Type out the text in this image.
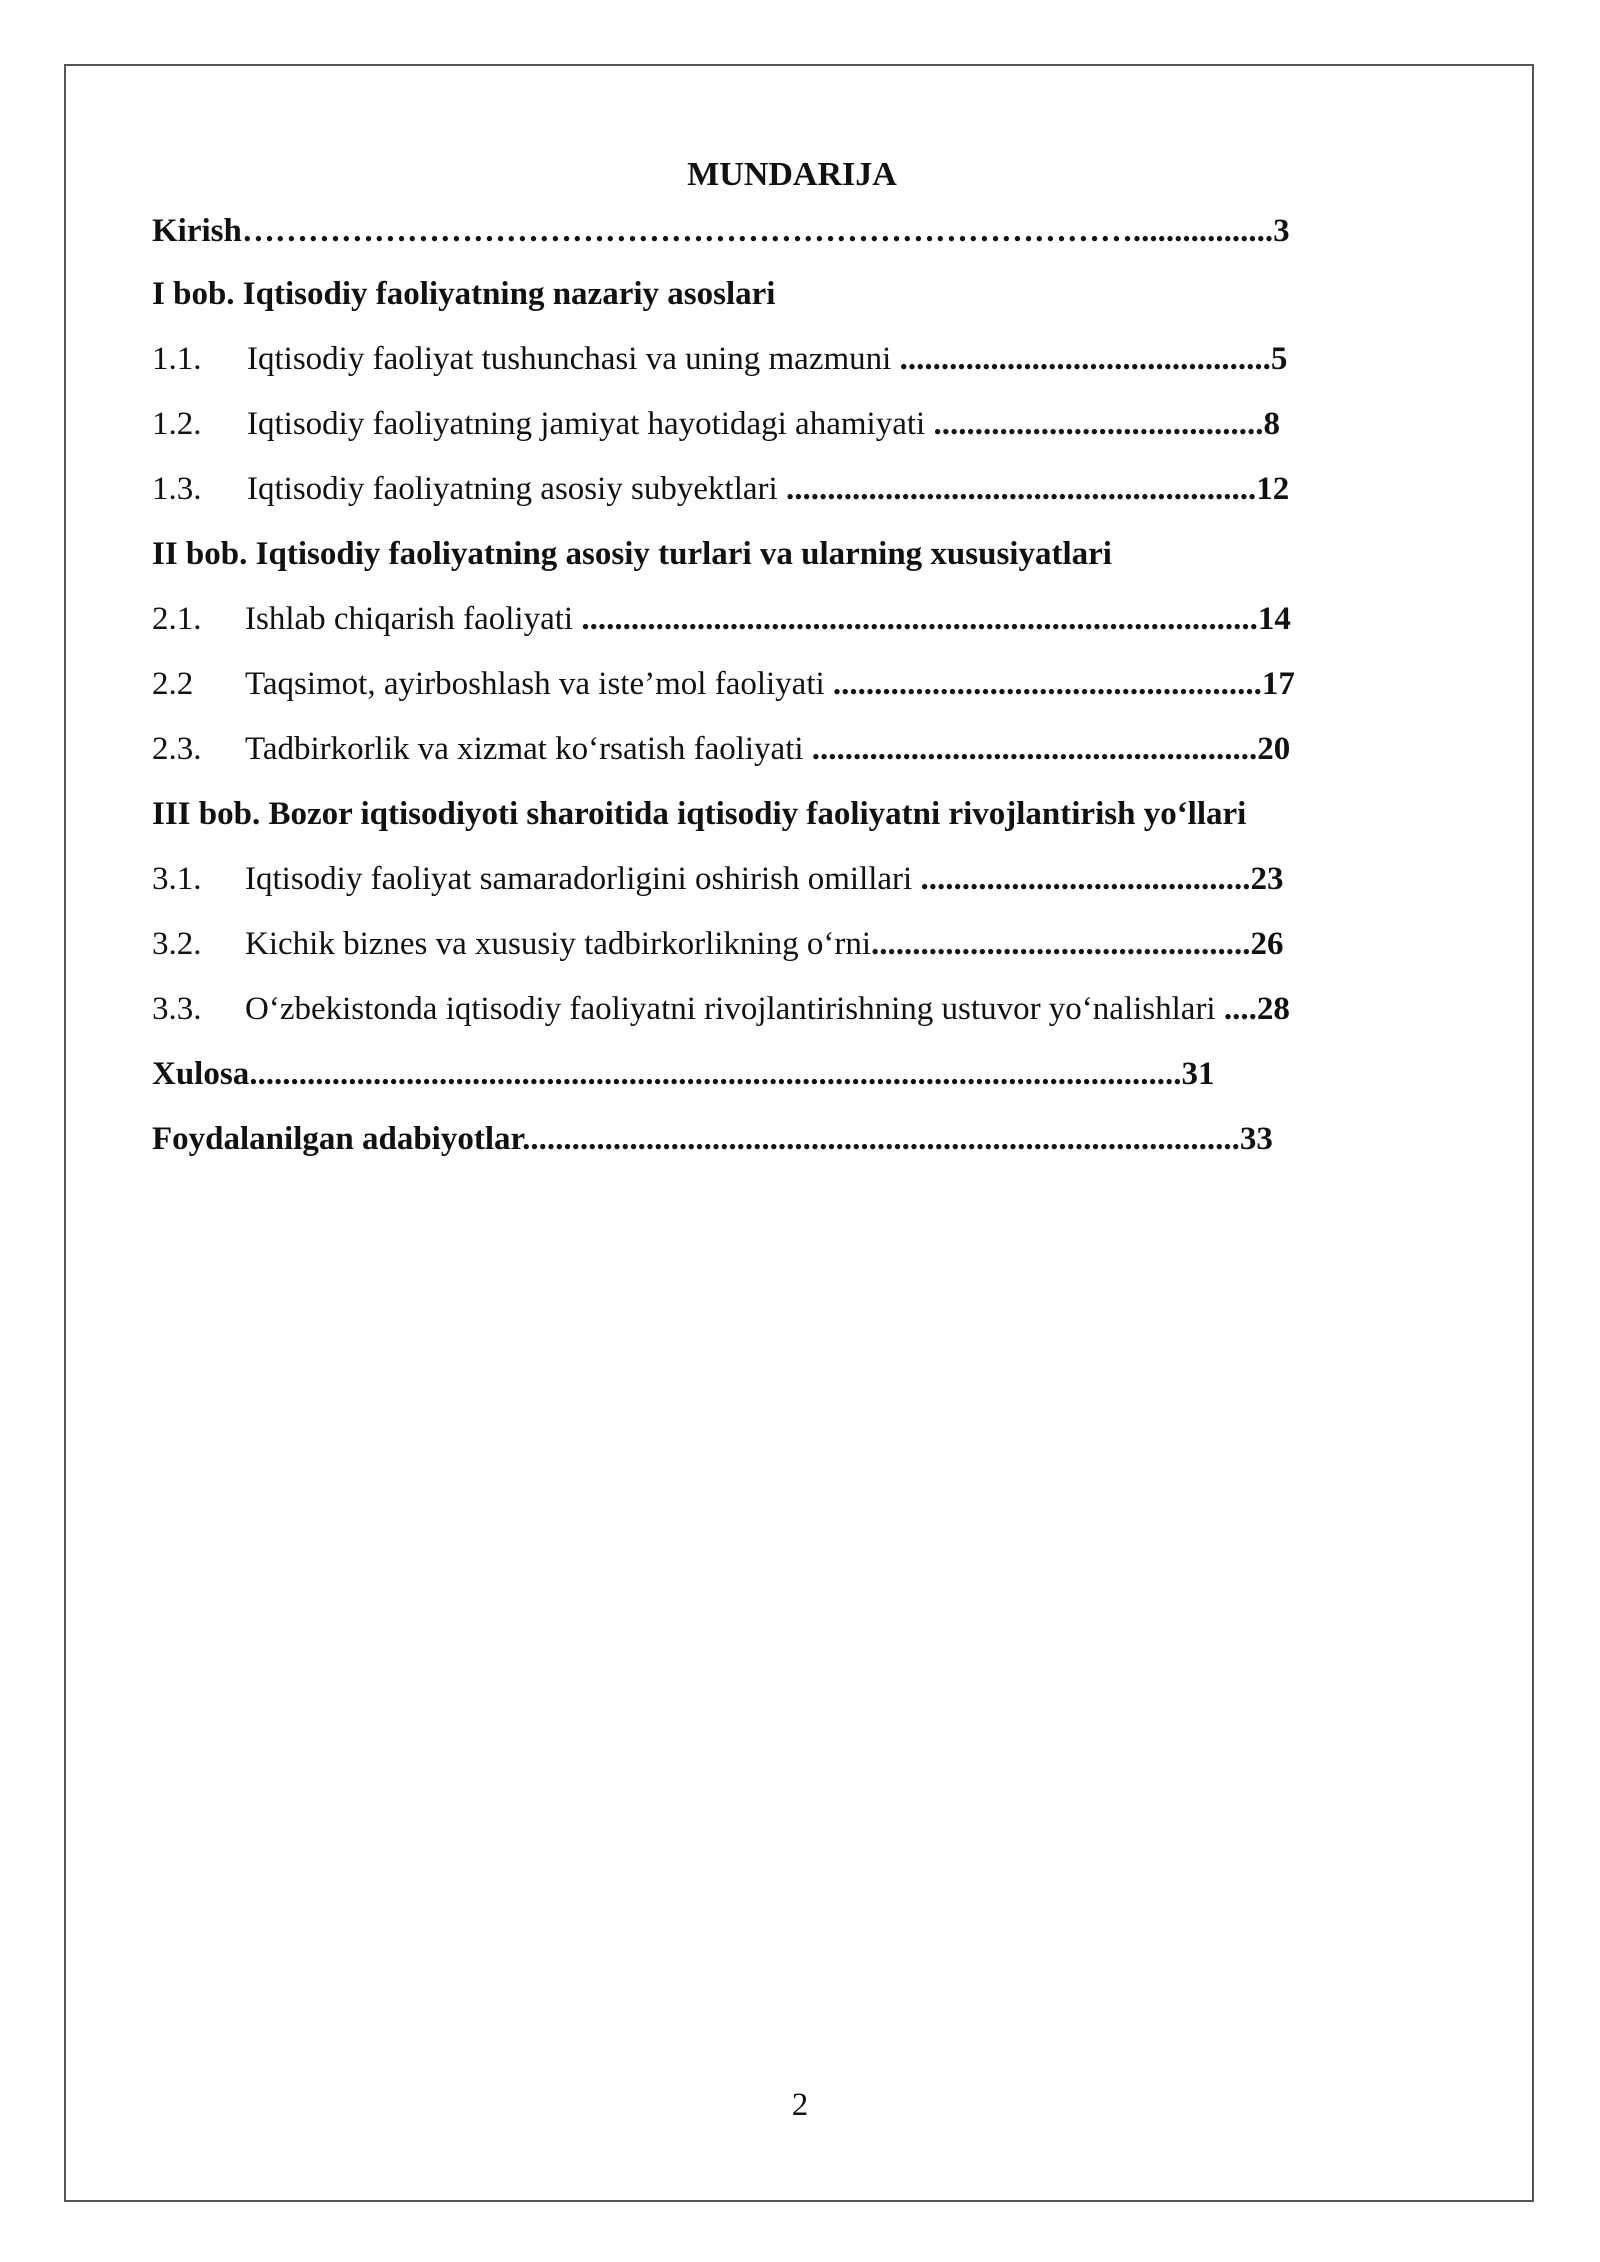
MUNDARIJA
Kirish……………………………………………………………………….................3
I bob. Iqtisodiy faoliyatning nazariy asoslari
1.1. Iqtisodiy faoliyat tushunchasi va uning mazmuni .............................................5
1.2. Iqtisodiy faoliyatning jamiyat hayotidagi ahamiyati ........................................8
1.3. Iqtisodiy faoliyatning asosiy subyektlari .........................................................12
II bob. Iqtisodiy faoliyatning asosiy turlari va ularning xususiyatlari
2.1. Ishlab chiqarish faoliyati ..................................................................................14
2.2 Taqsimot, ayirboshlash va iste’mol faoliyati ....................................................17
2.3. Tadbirkorlik va xizmat ko‘rsatish faoliyati ......................................................20
III bob. Bozor iqtisodiyoti sharoitida iqtisodiy faoliyatni rivojlantirish yo‘llari
3.1. Iqtisodiy faoliyat samaradorligini oshirish omillari ........................................23
3.2. Kichik biznes va xususiy tadbirkorlikning o‘rni..............................................26
3.3. O‘zbekistonda iqtisodiy faoliyatni rivojlantirishning ustuvor yo‘nalishlari ....28
Xulosa.................................................................................................................31
Foydalanilgan adabiyotlar.......................................................................................33
2
